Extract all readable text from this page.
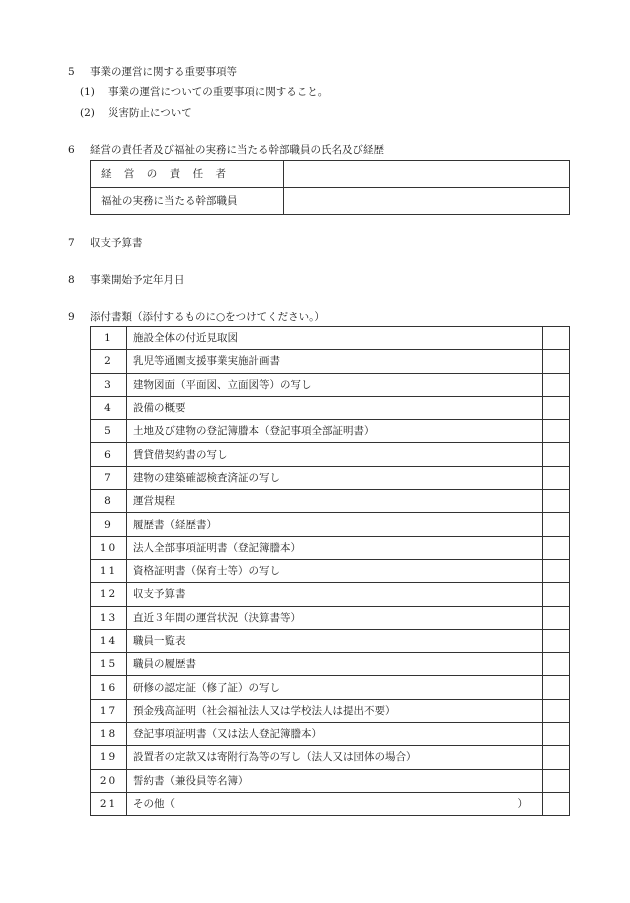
5 事業の運営に関する重要事項等
(1) 事業の運営についての重要事項に関すること。
(2) 災害防止について
6 経営の責任者及び福祉の実務に当たる幹部職員の氏名及び経歴
経営の責任者	
福祉の実務に当たる幹部職員	
7 収支予算書
8 事業開始予定年月日
9 添付書類（添付するものに○をつけてください。）
1	施設全体の付近見取図	
2	乳児等通園支援事業実施計画書	
3	建物図面（平面図、立面図等）の写し	
4	設備の概要	
5	土地及び建物の登記簿謄本（登記事項全部証明書）	
6	賃貸借契約書の写し	
7	建物の建築確認検査済証の写し	
8	運営規程	
9	履歴書（経歴書）	
10	法人全部事項証明書（登記簿謄本）	
11	資格証明書（保育士等）の写し	
12	収支予算書	
13	直近３年間の運営状況（決算書等）	
14	職員一覧表	
15	職員の履歴書	
16	研修の認定証（修了証）の写し	
17	預金残高証明（社会福祉法人又は学校法人は提出不要）	
18	登記事項証明書（又は法人登記簿謄本）	
19	設置者の定款又は寄附行為等の写し（法人又は団体の場合）	
20	誓約書（兼役員等名簿）	
21	その他（ ）	
